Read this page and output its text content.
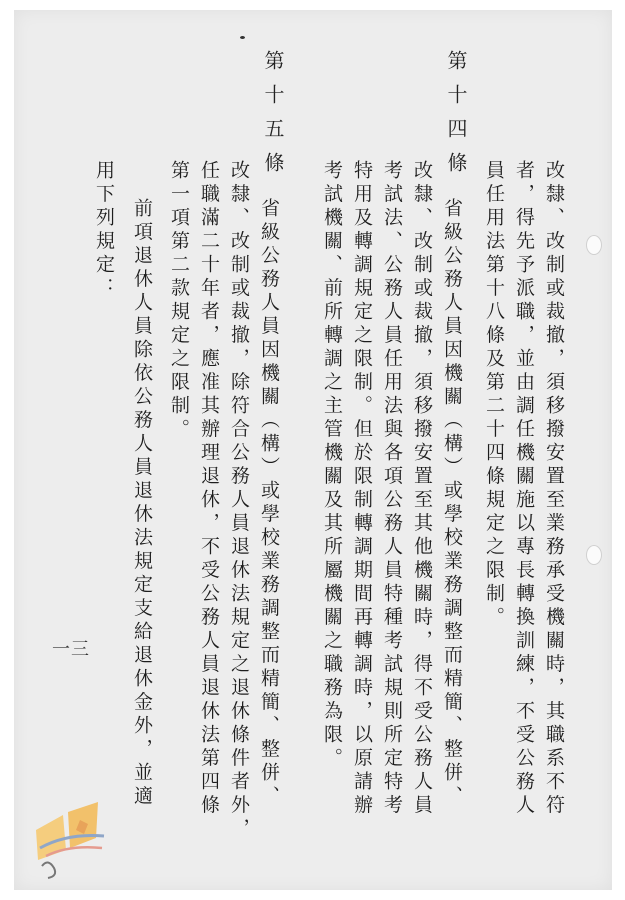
改隸、改制或裁撤，須移撥安置至業務承受機關時，其職系不符
者，得先予派職，並由調任機關施以專長轉換訓練，不受公務人
員任用法第十八條及第二十四條規定之限制。
第十四條
省級公務人員因機關（構）或學校業務調整而精簡、整併、
改隸、改制或裁撤，須移撥安置至其他機關時，得不受公務人員
考試法、公務人員任用法與各項公務人員特種考試規則所定特考
特用及轉調規定之限制。但於限制轉調期間再轉調時，以原請辦
考試機關、前所轉調之主管機關及其所屬機關之職務為限。
第十五條
省級公務人員因機關（構）或學校業務調整而精簡、整併、
改隸、改制或裁撤，除符合公務人員退休法規定之退休條件者外，
任職滿二十年者，應准其辦理退休，不受公務人員退休法第四條
第一項第二款規定之限制。
前項退休人員除依公務人員退休法規定支給退休金外，並適
用下列規定：
一三
